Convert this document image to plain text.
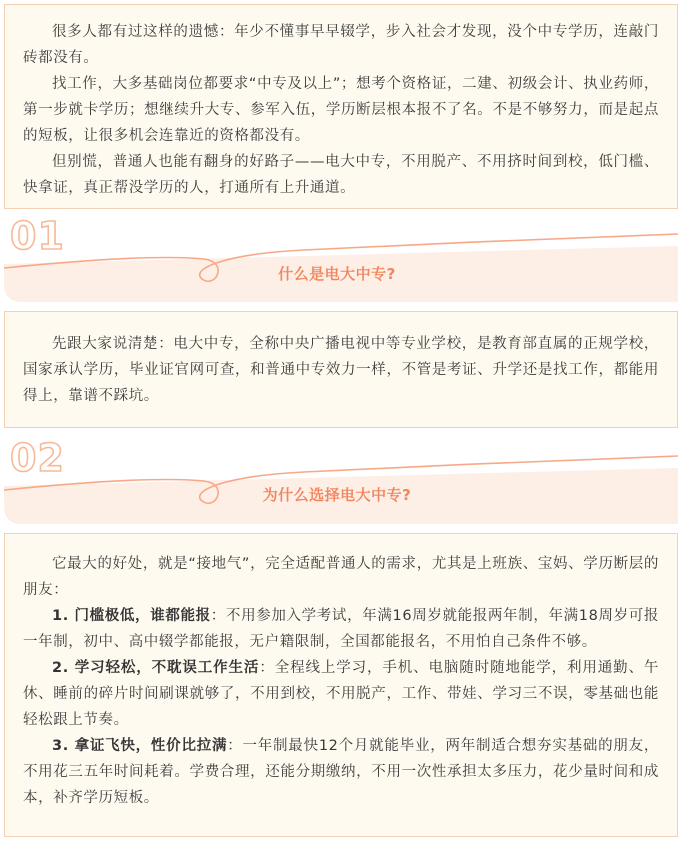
很多人都有过这样的遗憾：年少不懂事早早辍学，步入社会才发现，没个中专学历，连敲门砖都没有。

找工作，大多基础岗位都要求“中专及以上”；想考个资格证，二建、初级会计、执业药师，第一步就卡学历；想继续升大专、参军入伍，学历断层根本报不了名。不是不够努力，而是起点的短板，让很多机会连靠近的资格都没有。

但别慌，普通人也能有翻身的好路子——电大中专，不用脱产、不用挤时间到校，低门槛、快拿证，真正帮没学历的人，打通所有上升通道。

01
什么是电大中专?

先跟大家说清楚：电大中专，全称中央广播电视中等专业学校，是教育部直属的正规学校，国家承认学历，毕业证官网可查，和普通中专效力一样，不管是考证、升学还是找工作，都能用得上，靠谱不踩坑。

02
为什么选择电大中专?

它最大的好处，就是“接地气”，完全适配普通人的需求，尤其是上班族、宝妈、学历断层的朋友：

1. 门槛极低，谁都能报：不用参加入学考试，年满16周岁就能报两年制，年满18周岁可报一年制，初中、高中辍学都能报，无户籍限制，全国都能报名，不用怕自己条件不够。

2. 学习轻松，不耽误工作生活：全程线上学习，手机、电脑随时随地能学，利用通勤、午休、睡前的碎片时间刷课就够了，不用到校，不用脱产，工作、带娃、学习三不误，零基础也能轻松跟上节奏。

3. 拿证飞快，性价比拉满：一年制最快12个月就能毕业，两年制适合想夯实基础的朋友，不用花三五年时间耗着。学费合理，还能分期缴纳，不用一次性承担太多压力，花少量时间和成本，补齐学历短板。
